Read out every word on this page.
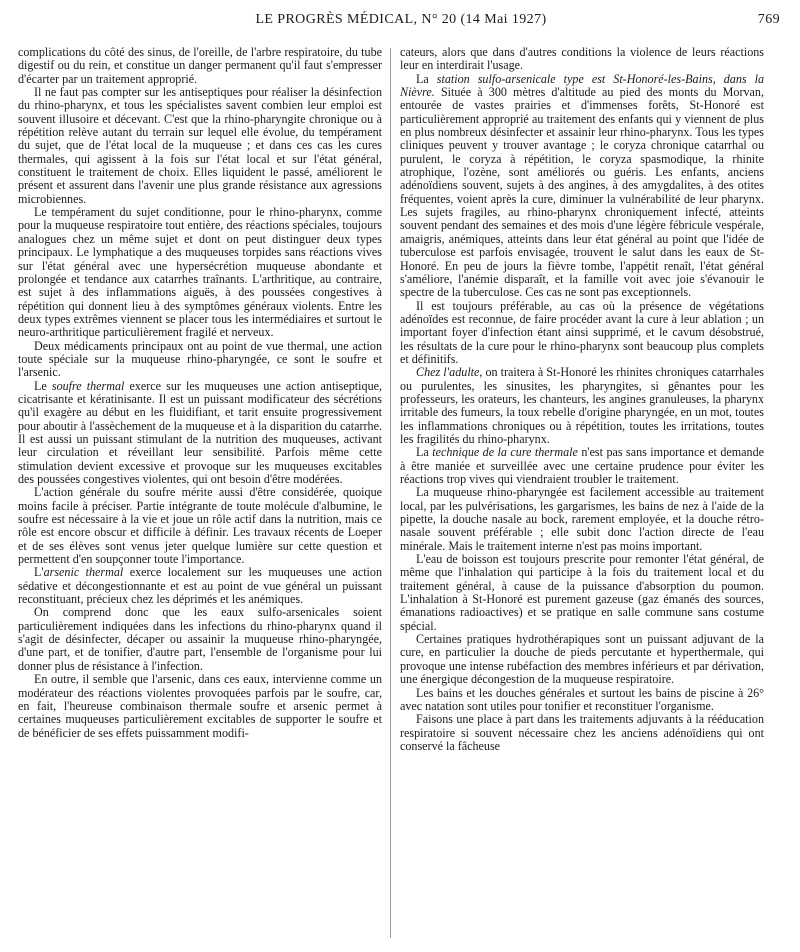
LE PROGRÈS MÉDICAL, N° 20 (14 Mai 1927)	769

complications du côté des sinus, de l'oreille, de l'arbre respiratoire, du tube digestif ou du rein, et constitue un danger permanent qu'il faut s'empresser d'écarter par un traitement approprié.

Il ne faut pas compter sur les antiseptiques pour réaliser la désinfection du rhino-pharynx, et tous les spécialistes savent combien leur emploi est souvent illusoire et décevant. C'est que la rhino-pharyngite chronique ou à répétition relève autant du terrain sur lequel elle évolue, du tempérament du sujet, que de l'état local de la muqueuse ; et dans ces cas les cures thermales, qui agissent à la fois sur l'état local et sur l'état général, constituent le traitement de choix. Elles liquident le passé, améliorent le présent et assurent dans l'avenir une plus grande résistance aux agressions microbiennes.

Le tempérament du sujet conditionne, pour le rhino-pharynx, comme pour la muqueuse respiratoire tout entière, des réactions spéciales, toujours analogues chez un même sujet et dont on peut distinguer deux types principaux. Le lymphatique a des muqueuses torpides sans réactions vives sur l'état général avec une hypersécrétion muqueuse abondante et prolongée et tendance aux catarrhes traînants. L'arthritique, au contraire, est sujet à des inflammations aiguës, à des poussées congestives à répétition qui donnent lieu à des symptômes généraux violents. Entre les deux types extrêmes viennent se placer tous les intermédiaires et surtout le neuro-arthritique particulièrement fragilé et nerveux.

Deux médicaments principaux ont au point de vue thermal, une action toute spéciale sur la muqueuse rhino-pharyngée, ce sont le soufre et l'arsenic.

Le soufre thermal exerce sur les muqueuses une action antiseptique, cicatrisante et kératinisante. Il est un puissant modificateur des sécrétions qu'il exagère au début en les fluidifiant, et tarit ensuite progressivement pour aboutir à l'assèchement de la muqueuse et à la disparition du catarrhe. Il est aussi un puissant stimulant de la nutrition des muqueuses, activant leur circulation et réveillant leur sensibilité. Parfois même cette stimulation devient excessive et provoque sur les muqueuses excitables des poussées congestives violentes, qui ont besoin d'être modérées.

L'action générale du soufre mérite aussi d'être considérée, quoique moins facile à préciser. Partie intégrante de toute molécule d'albumine, le soufre est nécessaire à la vie et joue un rôle actif dans la nutrition, mais ce rôle est encore obscur et difficile à définir. Les travaux récents de Loeper et de ses élèves sont venus jeter quelque lumière sur cette question et permettent d'en soupçonner toute l'importance.

L'arsenic thermal exerce localement sur les muqueuses une action sédative et décongestionnante et est au point de vue général un puissant reconstituant, précieux chez les déprimés et les anémiques.

On comprend donc que les eaux sulfo-arsenicales soient particulièrement indiquées dans les infections du rhino-pharynx quand il s'agit de désinfecter, décaper ou assainir la muqueuse rhino-pharyngée, d'une part, et de tonifier, d'autre part, l'ensemble de l'organisme pour lui donner plus de résistance à l'infection.

En outre, il semble que l'arsenic, dans ces eaux, intervienne comme un modérateur des réactions violentes provoquées parfois par le soufre, car, en fait, l'heureuse combinaison thermale soufre et arsenic permet à certaines muqueuses particulièrement excitables de supporter le soufre et de bénéficier de ses effets puissamment modifi-

cateurs, alors que dans d'autres conditions la violence de leurs réactions leur en interdirait l'usage.

La station sulfo-arsenicale type est St-Honoré-les-Bains, dans la Nièvre. Située à 300 mètres d'altitude au pied des monts du Morvan, entourée de vastes prairies et d'immenses forêts, St-Honoré est particulièrement approprié au traitement des enfants qui y viennent de plus en plus nombreux désinfecter et assainir leur rhino-pharynx. Tous les types cliniques peuvent y trouver avantage ; le coryza chronique catarrhal ou purulent, le coryza à répétition, le coryza spasmodique, la rhinite atrophique, l'ozène, sont améliorés ou guéris. Les enfants, anciens adénoïdiens souvent, sujets à des angines, à des amygdalites, à des otites fréquentes, voient après la cure, diminuer la vulnérabilité de leur pharynx. Les sujets fragiles, au rhino-pharynx chroniquement infecté, atteints souvent pendant des semaines et des mois d'une légère fébricule vespérale, amaigris, anémiques, atteints dans leur état général au point que l'idée de tuberculose est parfois envisagée, trouvent le salut dans les eaux de St-Honoré. En peu de jours la fièvre tombe, l'appétit renaît, l'état général s'améliore, l'anémie disparaît, et la famille voit avec joie s'évanouir le spectre de la tuberculose. Ces cas ne sont pas exceptionnels.

Il est toujours préférable, au cas où la présence de végétations adénoïdes est reconnue, de faire procéder avant la cure à leur ablation ; un important foyer d'infection étant ainsi supprimé, et le cavum désobstrué, les résultats de la cure pour le rhino-pharynx sont beaucoup plus complets et définitifs.

Chez l'adulte, on traitera à St-Honoré les rhinites chroniques catarrhales ou purulentes, les sinusites, les pharyngites, si gênantes pour les professeurs, les orateurs, les chanteurs, les angines granuleuses, la pharynx irritable des fumeurs, la toux rebelle d'origine pharyngée, en un mot, toutes les inflammations chroniques ou à répétition, toutes les irritations, toutes les fragilités du rhino-pharynx.

La technique de la cure thermale n'est pas sans importance et demande à être maniée et surveillée avec une certaine prudence pour éviter les réactions trop vives qui viendraient troubler le traitement.

La muqueuse rhino-pharyngée est facilement accessible au traitement local, par les pulvérisations, les gargarismes, les bains de nez à l'aide de la pipette, la douche nasale au bock, rarement employée, et la douche rétro-nasale souvent préférable ; elle subit donc l'action directe de l'eau minérale. Mais le traitement interne n'est pas moins important.

L'eau de boisson est toujours prescrite pour remonter l'état général, de même que l'inhalation qui participe à la fois du traitement local et du traitement général, à cause de la puissance d'absorption du poumon. L'inhalation à St-Honoré est purement gazeuse (gaz émanés des sources, émanations radioactives) et se pratique en salle commune sans costume spécial.

Certaines pratiques hydrothérapiques sont un puissant adjuvant de la cure, en particulier la douche de pieds percutante et hyperthermale, qui provoque une intense rubéfaction des membres inférieurs et par dérivation, une énergique décongestion de la muqueuse respiratoire.

Les bains et les douches générales et surtout les bains de piscine à 26° avec natation sont utiles pour tonifier et reconstituer l'organisme.

Faisons une place à part dans les traitements adjuvants à la rééducation respiratoire si souvent nécessaire chez les anciens adénoïdiens qui ont conservé la fâcheuse
